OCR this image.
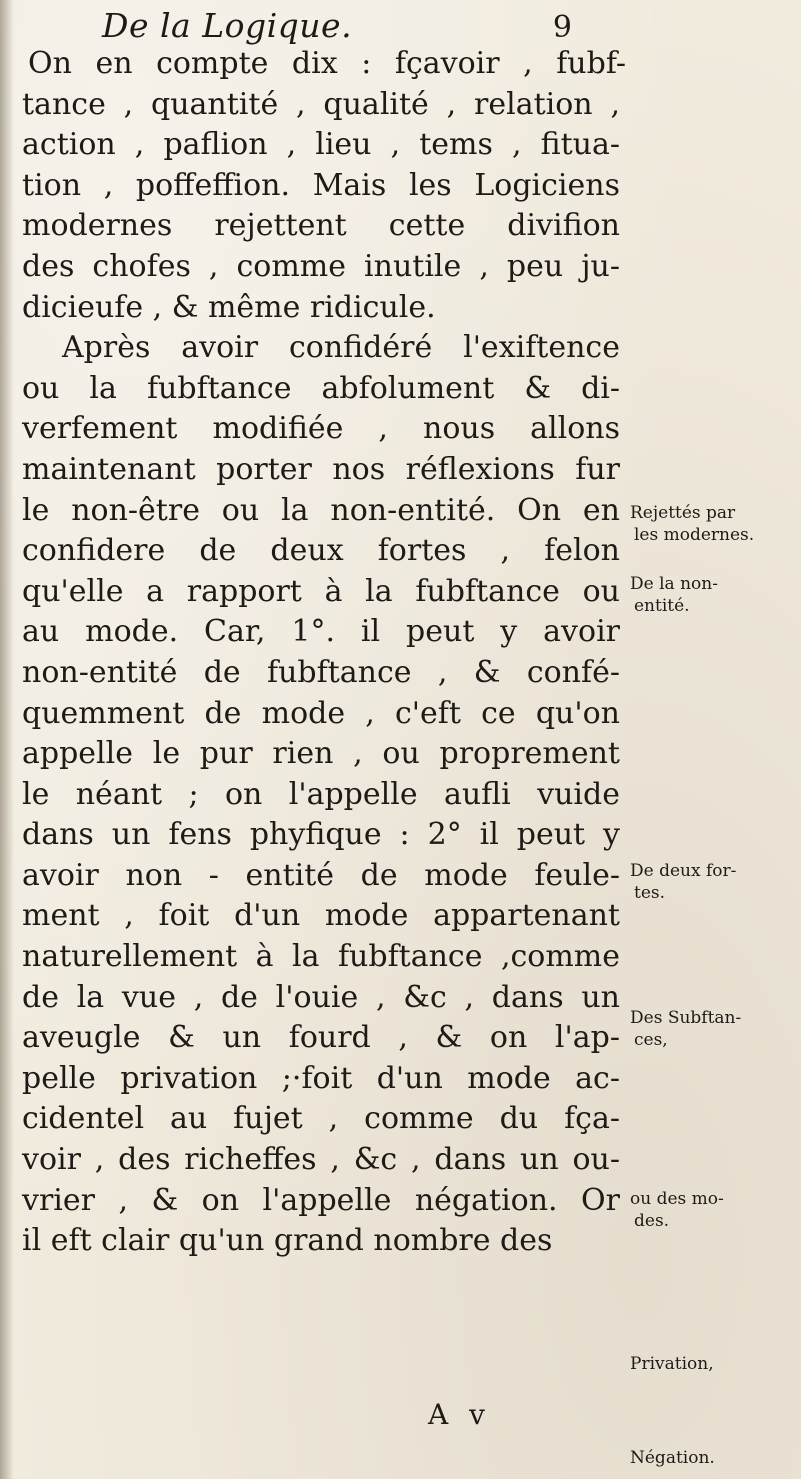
De la Logique.	9
On en compte dix : fçavoir , fubf-
tance , quantité , qualité , relation ,
action , paflion , lieu , tems , fitua-
tion , poffeffion. Mais les Logiciens
modernes rejettent cette divifion
des chofes , comme inutile , peu ju-
dicieufe , & même ridicule.
Après avoir confidéré l'exiftence
ou la fubftance abfolument & di-
verfement modifiée , nous allons
maintenant porter nos réflexions fur
le non-être ou la non-entité. On en
confidere de deux fortes , felon
qu'elle a rapport à la fubftance ou
au mode. Car, 1°. il peut y avoir
non-entité de fubftance , & confé-
quemment de mode , c'eft ce qu'on
appelle le pur rien , ou proprement
le néant ; on l'appelle aufli vuide
dans un fens phyfique : 2° il peut y
avoir non - entité de mode feule-
ment , foit d'un mode appartenant
naturellement à la fubftance ,comme
de la vue , de l'ouie , &c , dans un
aveugle & un fourd , & on l'ap-
pelle privation ;·foit d'un mode ac-
cidentel au fujet , comme du fça-
voir , des richeffes , &c , dans un ou-
vrier , & on l'appelle négation. Or
il eft clair qu'un grand nombre des
Rejettés par
les modernes.
De la non-
entité.
De deux for-
tes.
Des Subftan-
ces,
ou des mo-
des.
Privation,
Négation.
A v
